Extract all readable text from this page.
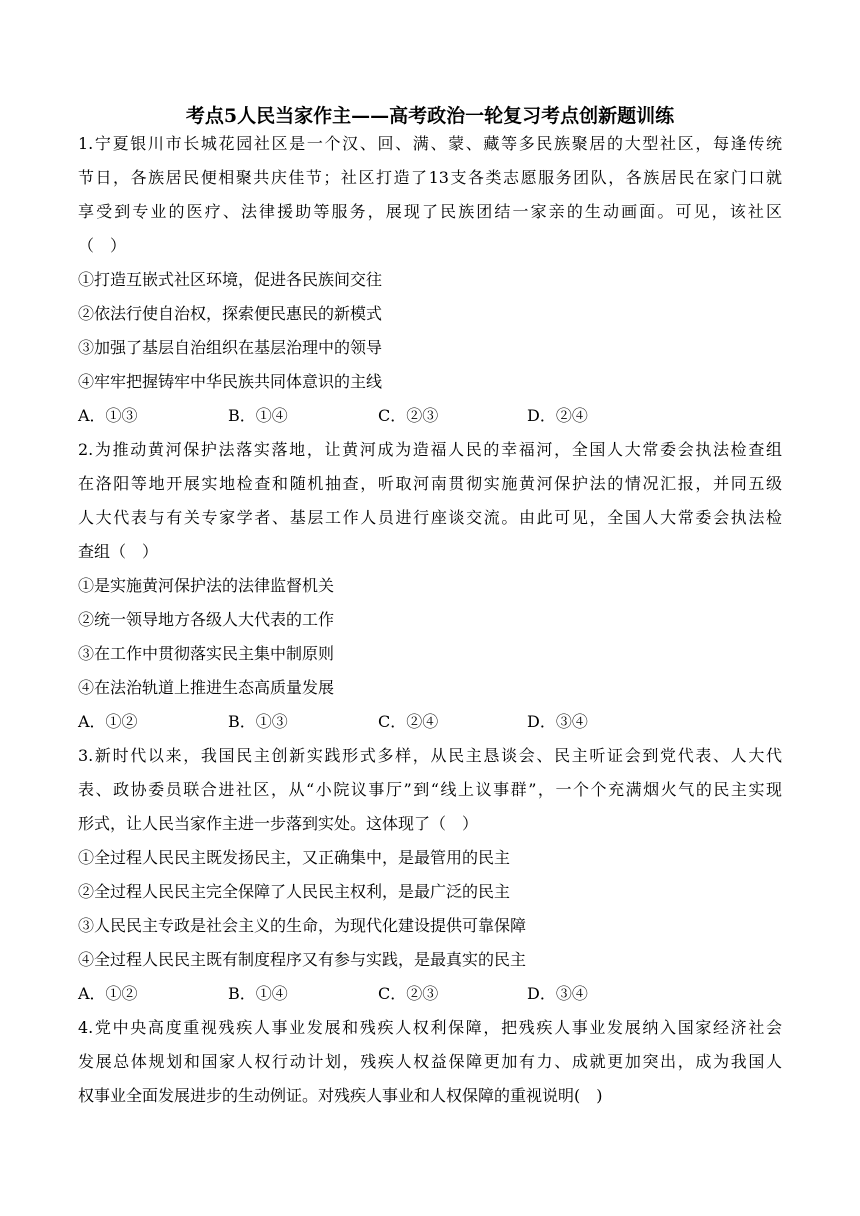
考点5人民当家作主——高考政治一轮复习考点创新题训练
1.宁夏银川市长城花园社区是一个汉、回、满、蒙、藏等多民族聚居的大型社区，每逢传统
节日，各族居民便相聚共庆佳节；社区打造了13支各类志愿服务团队，各族居民在家门口就
享受到专业的医疗、法律援助等服务，展现了民族团结一家亲的生动画面。可见，该社区
（　）
①打造互嵌式社区环境，促进各民族间交往
②依法行使自治权，探索便民惠民的新模式
③加强了基层自治组织在基层治理中的领导
④牢牢把握铸牢中华民族共同体意识的主线
A．①③	B．①④	C．②③	D．②④
2.为推动黄河保护法落实落地，让黄河成为造福人民的幸福河，全国人大常委会执法检查组
在洛阳等地开展实地检查和随机抽查，听取河南贯彻实施黄河保护法的情况汇报，并同五级
人大代表与有关专家学者、基层工作人员进行座谈交流。由此可见，全国人大常委会执法检
查组（　）
①是实施黄河保护法的法律监督机关
②统一领导地方各级人大代表的工作
③在工作中贯彻落实民主集中制原则
④在法治轨道上推进生态高质量发展
A．①②	B．①③	C．②④	D．③④
3.新时代以来，我国民主创新实践形式多样，从民主恳谈会、民主听证会到党代表、人大代
表、政协委员联合进社区，从“小院议事厅”到“线上议事群”，一个个充满烟火气的民主实现
形式，让人民当家作主进一步落到实处。这体现了（　）
①全过程人民民主既发扬民主，又正确集中，是最管用的民主
②全过程人民民主完全保障了人民民主权利，是最广泛的民主
③人民民主专政是社会主义的生命，为现代化建设提供可靠保障
④全过程人民民主既有制度程序又有参与实践，是最真实的民主
A．①②	B．①④	C．②③	D．③④
4.党中央高度重视残疾人事业发展和残疾人权利保障，把残疾人事业发展纳入国家经济社会
发展总体规划和国家人权行动计划，残疾人权益保障更加有力、成就更加突出，成为我国人
权事业全面发展进步的生动例证。对残疾人事业和人权保障的重视说明(　)
